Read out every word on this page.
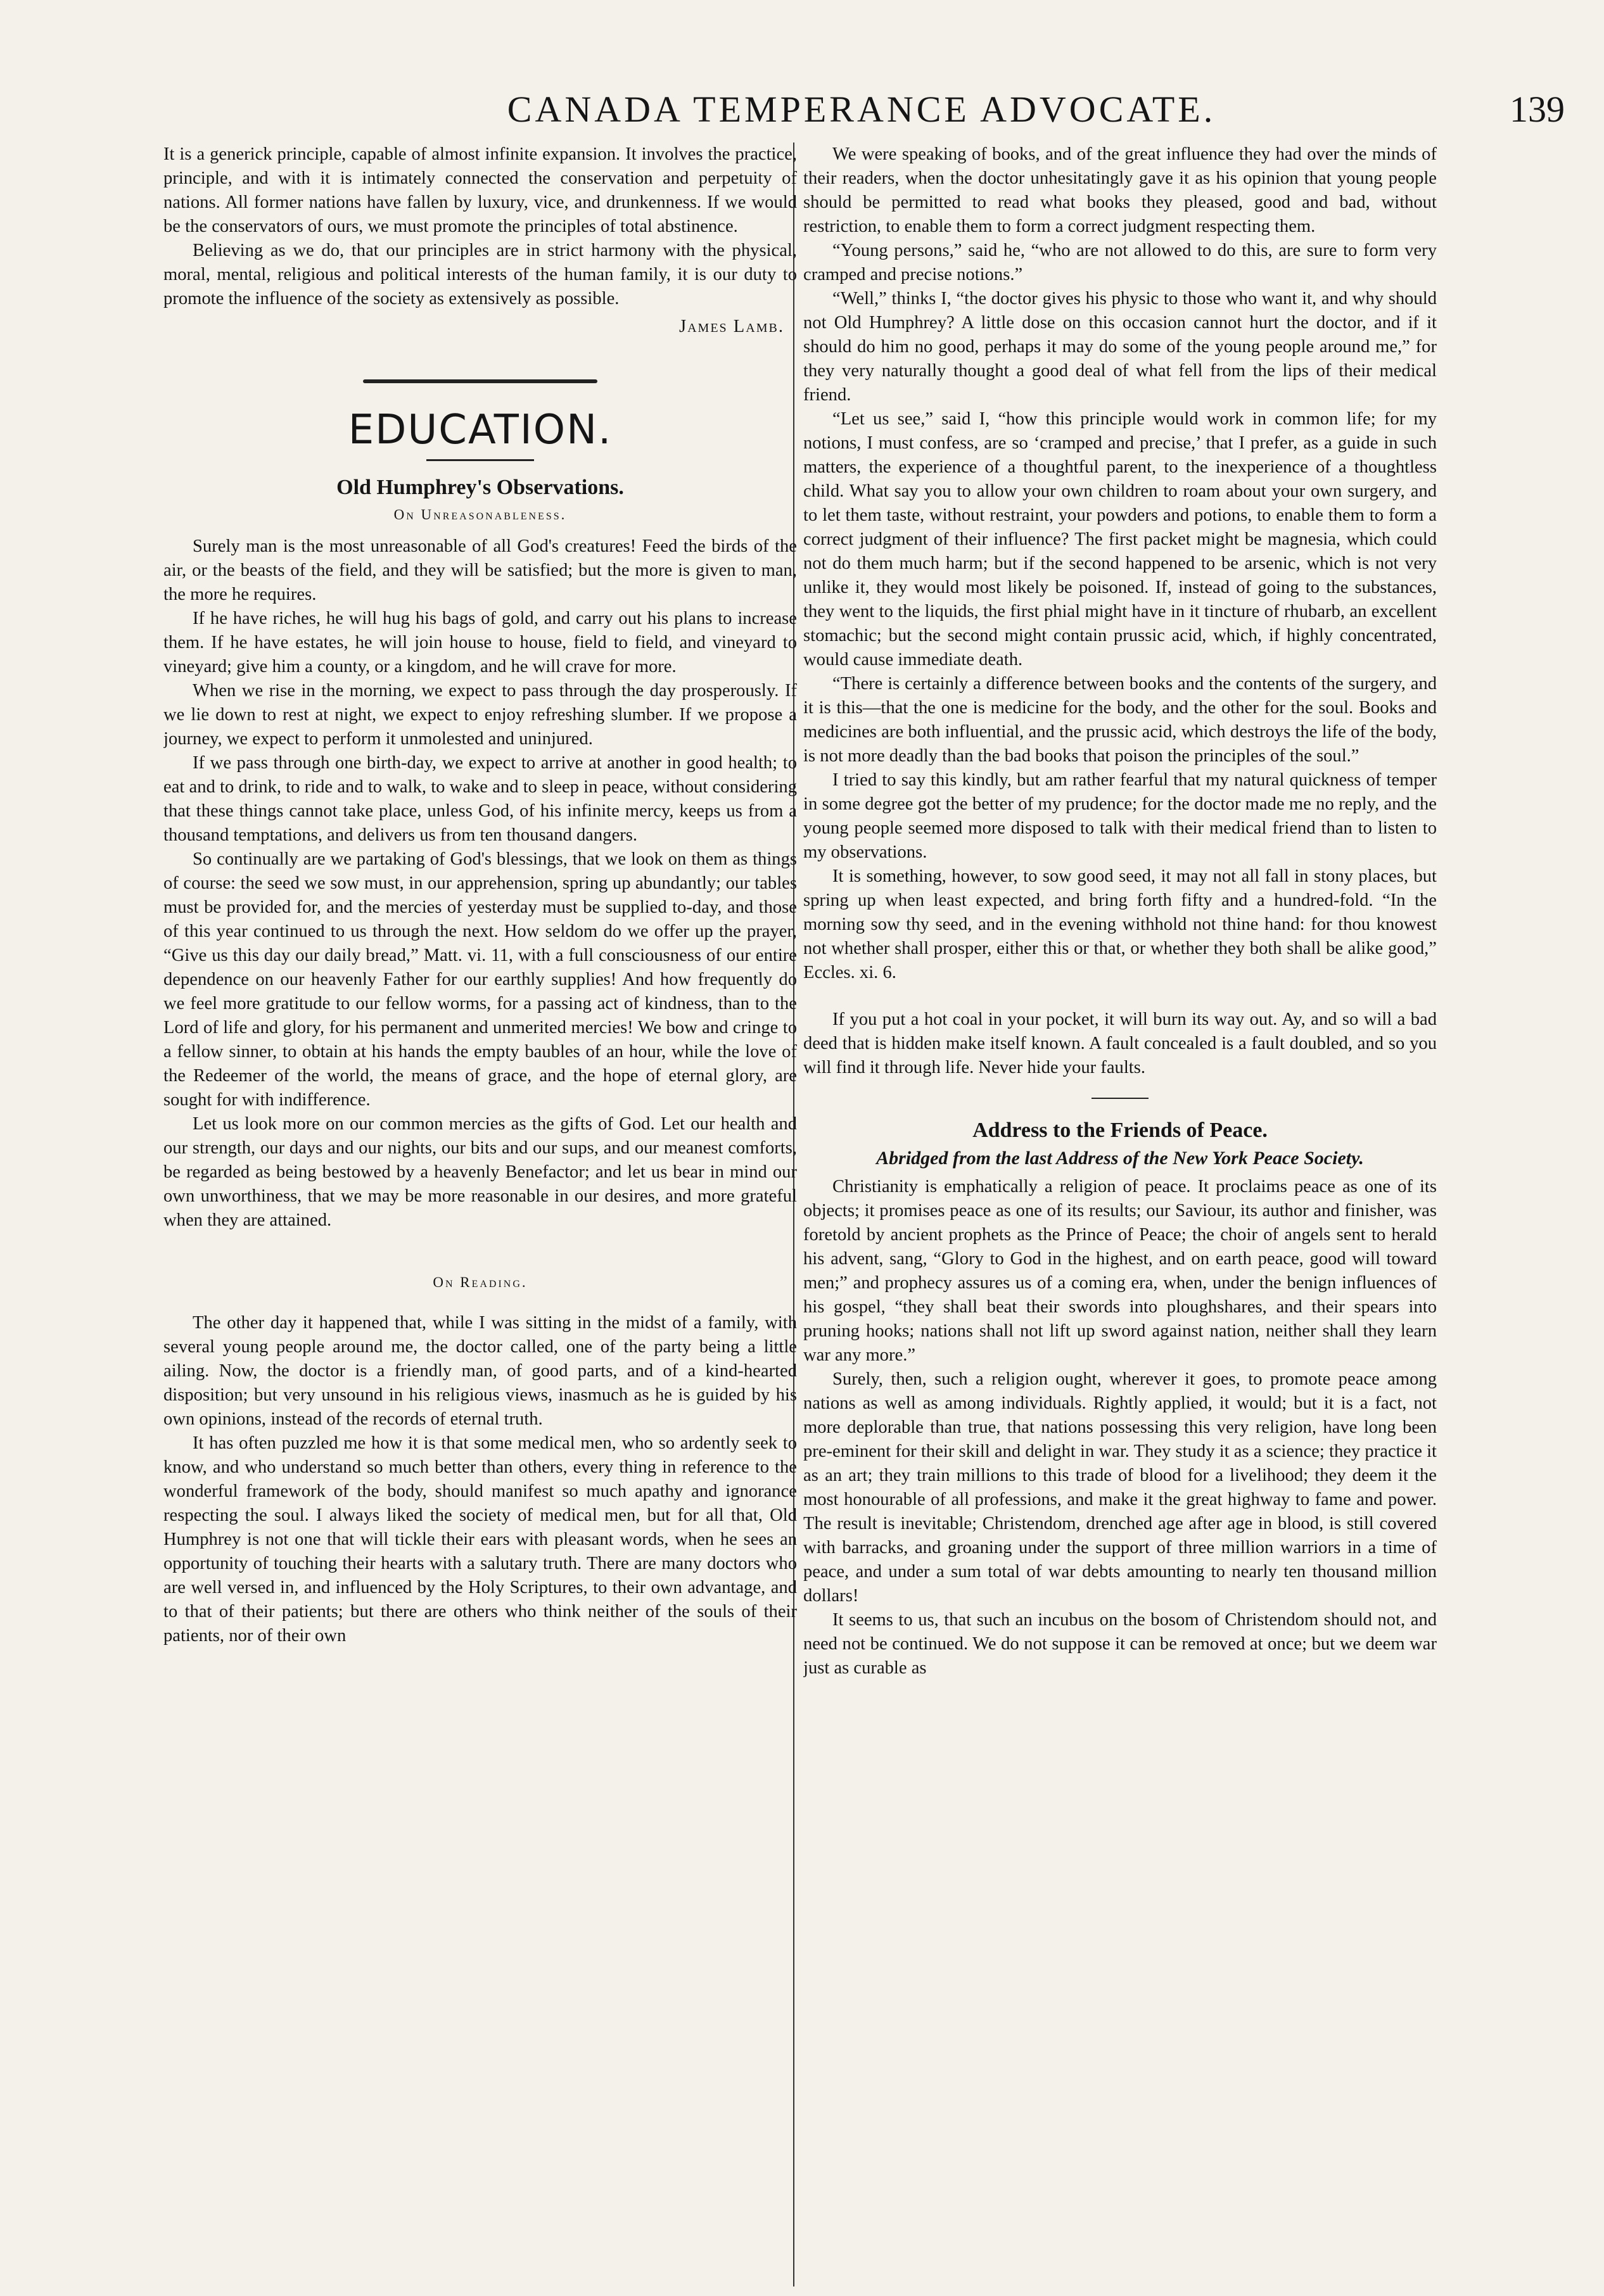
CANADA TEMPERANCE ADVOCATE.	139

It is a generick principle, capable of almost infinite expansion. It involves the practice, principle, and with it is intimately connected the conservation and perpetuity of nations. All former nations have fallen by luxury, vice, and drunkenness. If we would be the conservators of ours, we must promote the principles of total abstinence.

Believing as we do, that our principles are in strict harmony with the physical, moral, mental, religious and political interests of the human family, it is our duty to promote the influence of the society as extensively as possible.

James Lamb.
EDUCATION.
Old Humphrey's Observations.
On Unreasonableness.

Surely man is the most unreasonable of all God's creatures! Feed the birds of the air, or the beasts of the field, and they will be satisfied; but the more is given to man, the more he requires.

If he have riches, he will hug his bags of gold, and carry out his plans to increase them. If he have estates, he will join house to house, field to field, and vineyard to vineyard; give him a county, or a kingdom, and he will crave for more.

When we rise in the morning, we expect to pass through the day prosperously. If we lie down to rest at night, we expect to enjoy refreshing slumber. If we propose a journey, we expect to perform it unmolested and uninjured.

If we pass through one birth-day, we expect to arrive at another in good health; to eat and to drink, to ride and to walk, to wake and to sleep in peace, without considering that these things cannot take place, unless God, of his infinite mercy, keeps us from a thousand temptations, and delivers us from ten thousand dangers.

So continually are we partaking of God's blessings, that we look on them as things of course: the seed we sow must, in our apprehension, spring up abundantly; our tables must be provided for, and the mercies of yesterday must be supplied to-day, and those of this year continued to us through the next. How seldom do we offer up the prayer, “Give us this day our daily bread,” Matt. vi. 11, with a full consciousness of our entire dependence on our heavenly Father for our earthly supplies! And how frequently do we feel more gratitude to our fellow worms, for a passing act of kindness, than to the Lord of life and glory, for his permanent and unmerited mercies! We bow and cringe to a fellow sinner, to obtain at his hands the empty baubles of an hour, while the love of the Redeemer of the world, the means of grace, and the hope of eternal glory, are sought for with indifference.

Let us look more on our common mercies as the gifts of God. Let our health and our strength, our days and our nights, our bits and our sups, and our meanest comforts, be regarded as being bestowed by a heavenly Benefactor; and let us bear in mind our own unworthiness, that we may be more reasonable in our desires, and more grateful when they are attained.

On Reading.

The other day it happened that, while I was sitting in the midst of a family, with several young people around me, the doctor called, one of the party being a little ailing. Now, the doctor is a friendly man, of good parts, and of a kind-hearted disposition; but very unsound in his religious views, inasmuch as he is guided by his own opinions, instead of the records of eternal truth.

It has often puzzled me how it is that some medical men, who so ardently seek to know, and who understand so much better than others, every thing in reference to the wonderful framework of the body, should manifest so much apathy and ignorance respecting the soul. I always liked the society of medical men, but for all that, Old Humphrey is not one that will tickle their ears with pleasant words, when he sees an opportunity of touching their hearts with a salutary truth. There are many doctors who are well versed in, and influenced by the Holy Scriptures, to their own advantage, and to that of their patients; but there are others who think neither of the souls of their patients, nor of their own

We were speaking of books, and of the great influence they had over the minds of their readers, when the doctor unhesitatingly gave it as his opinion that young people should be permitted to read what books they pleased, good and bad, without restriction, to enable them to form a correct judgment respecting them.

“Young persons,” said he, “who are not allowed to do this, are sure to form very cramped and precise notions.”

“Well,” thinks I, “the doctor gives his physic to those who want it, and why should not Old Humphrey? A little dose on this occasion cannot hurt the doctor, and if it should do him no good, perhaps it may do some of the young people around me,” for they very naturally thought a good deal of what fell from the lips of their medical friend.

“Let us see,” said I, “how this principle would work in common life; for my notions, I must confess, are so ‘cramped and precise,’ that I prefer, as a guide in such matters, the experience of a thoughtful parent, to the inexperience of a thoughtless child. What say you to allow your own children to roam about your own surgery, and to let them taste, without restraint, your powders and potions, to enable them to form a correct judgment of their influence? The first packet might be magnesia, which could not do them much harm; but if the second happened to be arsenic, which is not very unlike it, they would most likely be poisoned. If, instead of going to the substances, they went to the liquids, the first phial might have in it tincture of rhubarb, an excellent stomachic; but the second might contain prussic acid, which, if highly concentrated, would cause immediate death.

“There is certainly a difference between books and the contents of the surgery, and it is this—that the one is medicine for the body, and the other for the soul. Books and medicines are both influential, and the prussic acid, which destroys the life of the body, is not more deadly than the bad books that poison the principles of the soul.”

I tried to say this kindly, but am rather fearful that my natural quickness of temper in some degree got the better of my prudence; for the doctor made me no reply, and the young people seemed more disposed to talk with their medical friend than to listen to my observations.

It is something, however, to sow good seed, it may not all fall in stony places, but spring up when least expected, and bring forth fifty and a hundred-fold. “In the morning sow thy seed, and in the evening withhold not thine hand: for thou knowest not whether shall prosper, either this or that, or whether they both shall be alike good,” Eccles. xi. 6.

If you put a hot coal in your pocket, it will burn its way out. Ay, and so will a bad deed that is hidden make itself known. A fault concealed is a fault doubled, and so you will find it through life. Never hide your faults.

Address to the Friends of Peace.
Abridged from the last Address of the New York Peace Society.

Christianity is emphatically a religion of peace. It proclaims peace as one of its objects; it promises peace as one of its results; our Saviour, its author and finisher, was foretold by ancient prophets as the Prince of Peace; the choir of angels sent to herald his advent, sang, “Glory to God in the highest, and on earth peace, good will toward men;” and prophecy assures us of a coming era, when, under the benign influences of his gospel, “they shall beat their swords into ploughshares, and their spears into pruning hooks; nations shall not lift up sword against nation, neither shall they learn war any more.”

Surely, then, such a religion ought, wherever it goes, to promote peace among nations as well as among individuals. Rightly applied, it would; but it is a fact, not more deplorable than true, that nations possessing this very religion, have long been pre-eminent for their skill and delight in war. They study it as a science; they practice it as an art; they train millions to this trade of blood for a livelihood; they deem it the most honourable of all professions, and make it the great highway to fame and power. The result is inevitable; Christendom, drenched age after age in blood, is still covered with barracks, and groaning under the support of three million warriors in a time of peace, and under a sum total of war debts amounting to nearly ten thousand million dollars!

It seems to us, that such an incubus on the bosom of Christendom should not, and need not be continued. We do not suppose it can be removed at once; but we deem war just as curable as
